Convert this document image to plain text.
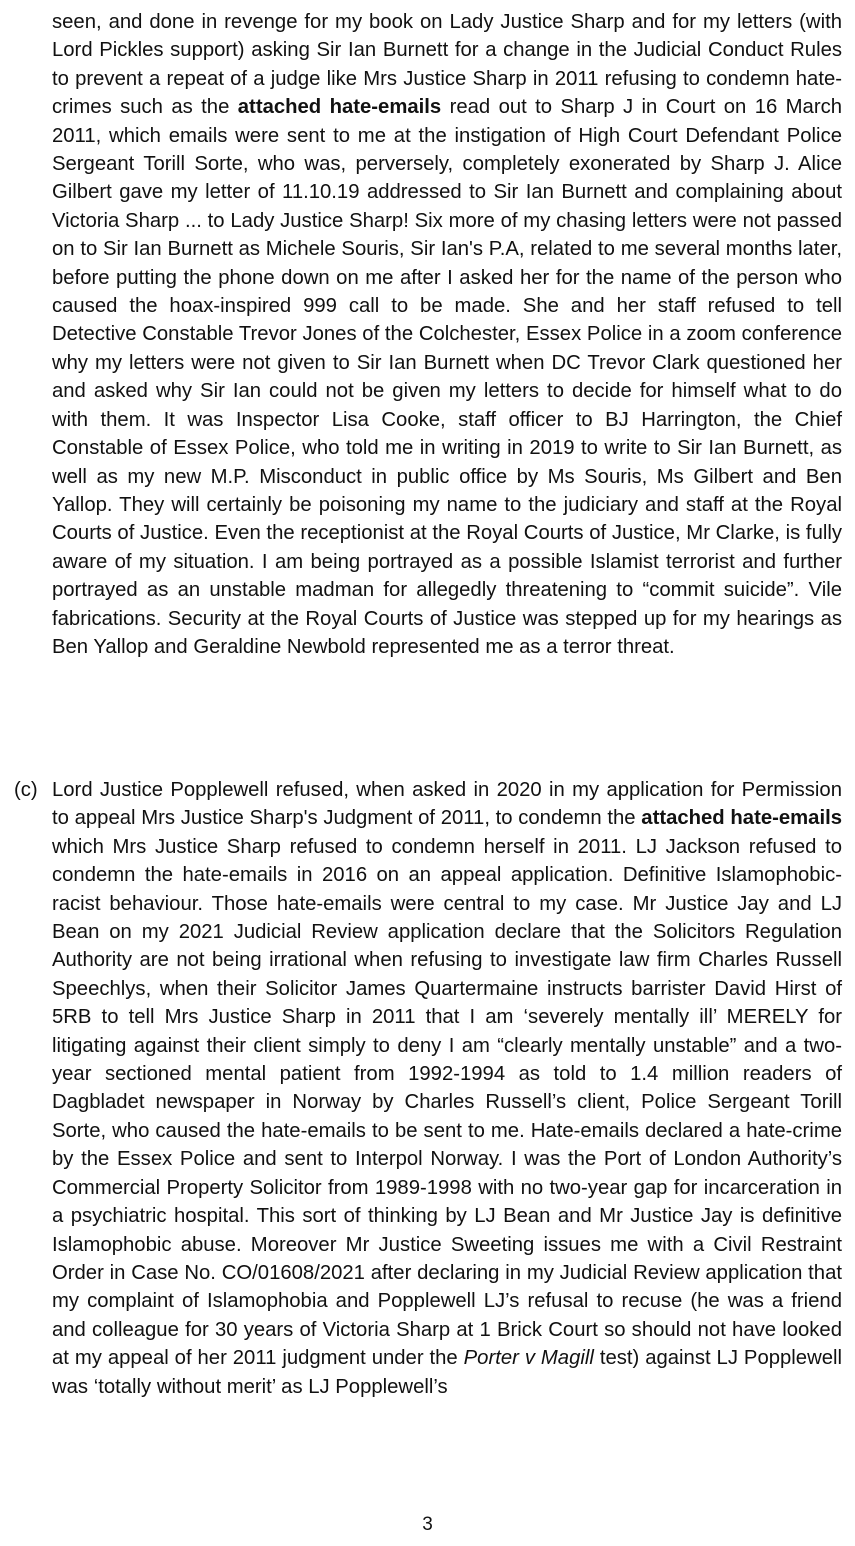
seen, and done in revenge for my book on Lady Justice Sharp and for my letters (with Lord Pickles support) asking Sir Ian Burnett for a change in the Judicial Conduct Rules to prevent a repeat of a judge like Mrs Justice Sharp in 2011 refusing to condemn hate-crimes such as the attached hate-emails read out to Sharp J in Court on 16 March 2011, which emails were sent to me at the instigation of High Court Defendant Police Sergeant Torill Sorte, who was, perversely, completely exonerated by Sharp J. Alice Gilbert gave my letter of 11.10.19 addressed to Sir Ian Burnett and complaining about Victoria Sharp ... to Lady Justice Sharp! Six more of my chasing letters were not passed on to Sir Ian Burnett as Michele Souris, Sir Ian's P.A, related to me several months later, before putting the phone down on me after I asked her for the name of the person who caused the hoax-inspired 999 call to be made. She and her staff refused to tell Detective Constable Trevor Jones of the Colchester, Essex Police in a zoom conference why my letters were not given to Sir Ian Burnett when DC Trevor Clark questioned her and asked why Sir Ian could not be given my letters to decide for himself what to do with them. It was Inspector Lisa Cooke, staff officer to BJ Harrington, the Chief Constable of Essex Police, who told me in writing in 2019 to write to Sir Ian Burnett, as well as my new M.P. Misconduct in public office by Ms Souris, Ms Gilbert and Ben Yallop. They will certainly be poisoning my name to the judiciary and staff at the Royal Courts of Justice. Even the receptionist at the Royal Courts of Justice, Mr Clarke, is fully aware of my situation. I am being portrayed as a possible Islamist terrorist and further portrayed as an unstable madman for allegedly threatening to “commit suicide”. Vile fabrications. Security at the Royal Courts of Justice was stepped up for my hearings as Ben Yallop and Geraldine Newbold represented me as a terror threat.

(c) Lord Justice Popplewell refused, when asked in 2020 in my application for Permission to appeal Mrs Justice Sharp's Judgment of 2011, to condemn the attached hate-emails which Mrs Justice Sharp refused to condemn herself in 2011. LJ Jackson refused to condemn the hate-emails in 2016 on an appeal application. Definitive Islamophobic-racist behaviour. Those hate-emails were central to my case. Mr Justice Jay and LJ Bean on my 2021 Judicial Review application declare that the Solicitors Regulation Authority are not being irrational when refusing to investigate law firm Charles Russell Speechlys, when their Solicitor James Quartermaine instructs barrister David Hirst of 5RB to tell Mrs Justice Sharp in 2011 that I am ‘severely mentally ill’ MERELY for litigating against their client simply to deny I am “clearly mentally unstable” and a two-year sectioned mental patient from 1992-1994 as told to 1.4 million readers of Dagbladet newspaper in Norway by Charles Russell’s client, Police Sergeant Torill Sorte, who caused the hate-emails to be sent to me. Hate-emails declared a hate-crime by the Essex Police and sent to Interpol Norway. I was the Port of London Authority’s Commercial Property Solicitor from 1989-1998 with no two-year gap for incarceration in a psychiatric hospital. This sort of thinking by LJ Bean and Mr Justice Jay is definitive Islamophobic abuse. Moreover Mr Justice Sweeting issues me with a Civil Restraint Order in Case No. CO/01608/2021 after declaring in my Judicial Review application that my complaint of Islamophobia and Popplewell LJ’s refusal to recuse (he was a friend and colleague for 30 years of Victoria Sharp at 1 Brick Court so should not have looked at my appeal of her 2011 judgment under the Porter v Magill test) against LJ Popplewell was ‘totally without merit’ as LJ Popplewell’s

3
